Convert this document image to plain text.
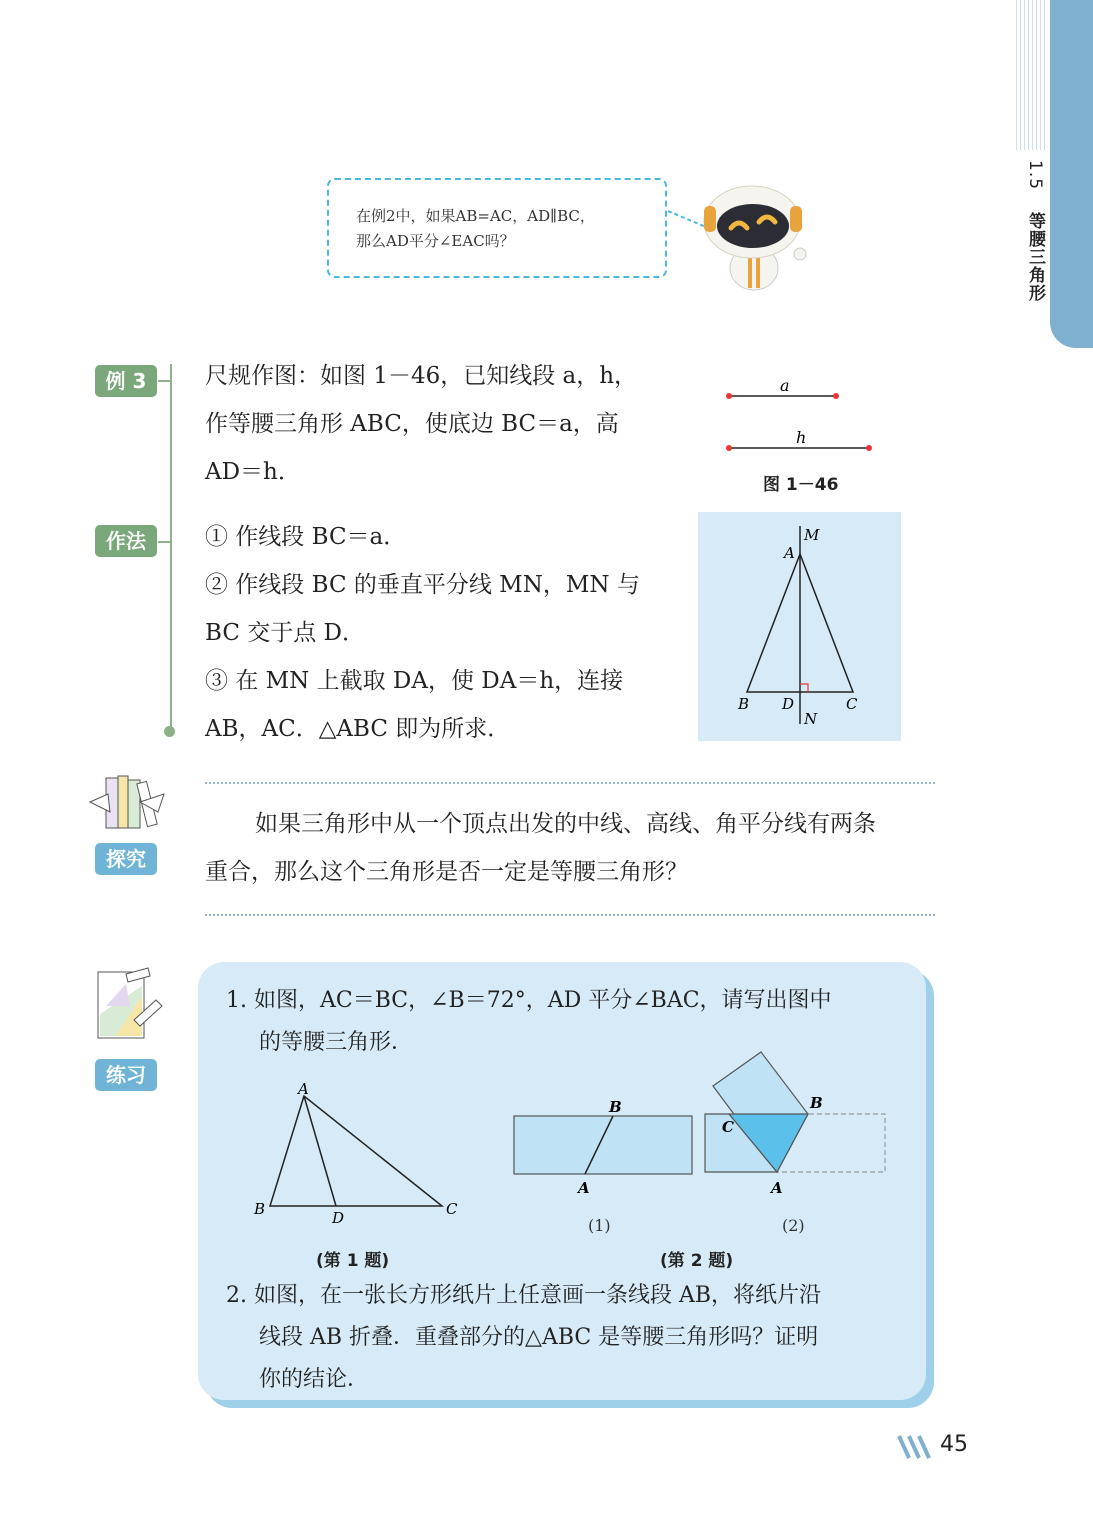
1.5 等腰三角形
在例2中，如果AB=AC，AD∥BC，
那么AD平分∠EAC吗？
例 3
作法

尺规作图：如图 1－46，已知线段 a，h，

作等腰三角形 ABC，使底边 BC＝a，高

AD＝h．

a
h
图 1－46

① 作线段 BC＝a．

② 作线段 BC 的垂直平分线 MN，MN 与

BC 交于点 D．

③ 在 MN 上截取 DA，使 DA＝h，连接

AB，AC．△ABC 即为所求．

M
A
B D	C
N
探究

如果三角形中从一个顶点出发的中线、高线、角平分线有两条

重合，那么这个三角形是否一定是等腰三角形？

练习

1. 如图，AC＝BC，∠B＝72°，AD 平分∠BAC，请写出图中

的等腰三角形．

A
B	D	C
B
A
C
B
A
(1)	(2)
(第 1 题)	(第 2 题)

2. 如图，在一张长方形纸片上任意画一条线段 AB，将纸片沿

线段 AB 折叠．重叠部分的△ABC 是等腰三角形吗？证明

你的结论．

45
